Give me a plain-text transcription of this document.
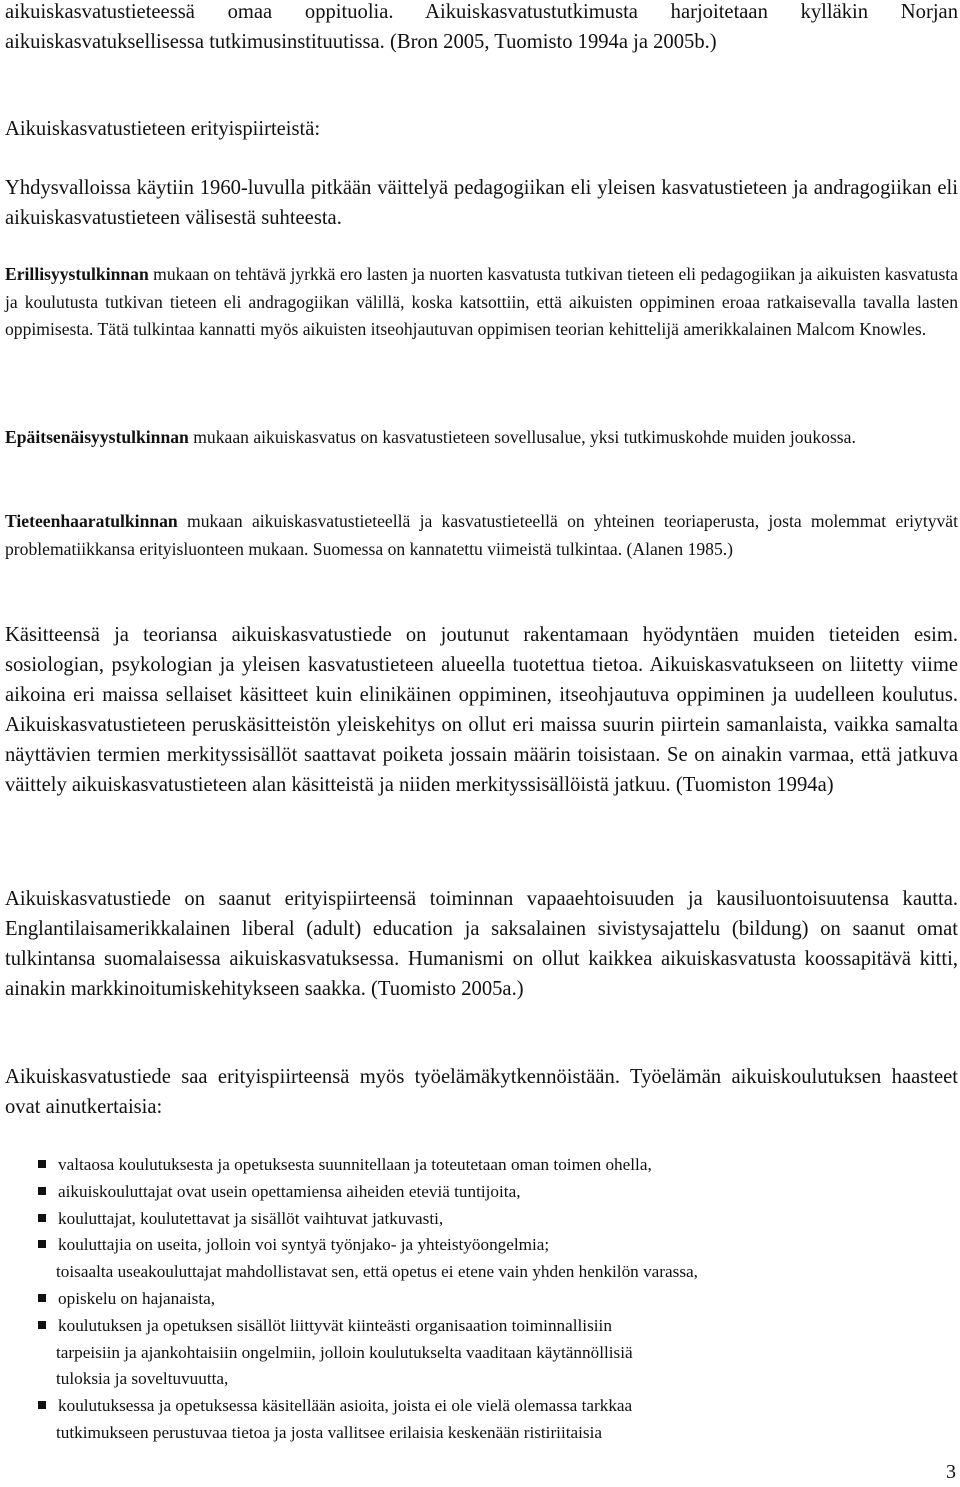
aikuiskasvatustieteessä omaa oppituolia. Aikuiskasvatustutkimusta harjoitetaan kylläkin Norjan aikuiskasvatuksellisessa tutkimusinstituutissa. (Bron 2005, Tuomisto 1994a ja 2005b.)

Aikuiskasvatustieteen erityispiirteistä:

Yhdysvalloissa käytiin 1960-luvulla pitkään väittelyä pedagogiikan eli yleisen kasvatustieteen ja andragogiikan eli aikuiskasvatustieteen välisestä suhteesta.

Erillisyystulkinnan mukaan on tehtävä jyrkkä ero lasten ja nuorten kasvatusta tutkivan tieteen eli pedagogiikan ja aikuisten kasvatusta ja koulutusta tutkivan tieteen eli andragogiikan välillä, koska katsottiin, että aikuisten oppiminen eroaa ratkaisevalla tavalla lasten oppimisesta. Tätä tulkintaa kannatti myös aikuisten itseohjautuvan oppimisen teorian kehittelijä amerikkalainen Malcom Knowles.

Epäitsenäisyystulkinnan mukaan aikuiskasvatus on kasvatustieteen sovellusalue, yksi tutkimuskohde muiden joukossa.

Tieteenhaaratulkinnan mukaan aikuiskasvatustieteellä ja kasvatustieteellä on yhteinen teoriaperusta, josta molemmat eriytyvät problematiikkansa erityisluonteen mukaan. Suomessa on kannatettu viimeistä tulkintaa. (Alanen 1985.)

Käsitteensä ja teoriansa aikuiskasvatustiede on joutunut rakentamaan hyödyntäen muiden tieteiden esim. sosiologian, psykologian ja yleisen kasvatustieteen alueella tuotettua tietoa. Aikuiskasvatukseen on liitetty viime aikoina eri maissa sellaiset käsitteet kuin elinikäinen oppiminen, itseohjautuva oppiminen ja uudelleen koulutus. Aikuiskasvatustieteen peruskäsitteistön yleiskehitys on ollut eri maissa suurin piirtein samanlaista, vaikka samalta näyttävien termien merkityssisällöt saattavat poiketa jossain määrin toisistaan. Se on ainakin varmaa, että jatkuva väittely aikuiskasvatustieteen alan käsitteistä ja niiden merkityssisällöistä jatkuu. (Tuomiston 1994a)

Aikuiskasvatustiede on saanut erityispiirteensä toiminnan vapaaehtoisuuden ja kausiluontoisuutensa kautta. Englantilaisamerikkalainen liberal (adult) education ja saksalainen sivistysajattelu (bildung) on saanut omat tulkintansa suomalaisessa aikuiskasvatuksessa. Humanismi on ollut kaikkea aikuiskasvatusta koossapitävä kitti, ainakin markkinoitumiskehitykseen saakka. (Tuomisto 2005a.)

Aikuiskasvatustiede saa erityispiirteensä myös työelämäkytkennöistään. Työelämän aikuiskoulutuksen haasteet ovat ainutkertaisia:

valtaosa koulutuksesta ja opetuksesta suunnitellaan ja toteutetaan oman toimen ohella,
aikuiskouluttajat ovat usein opettamiensa aiheiden eteviä tuntijoita,
kouluttajat, koulutettavat ja sisällöt vaihtuvat jatkuvasti,
kouluttajia on useita, jolloin voi syntyä työnjako- ja yhteistyöongelmia;
toisaalta useakouluttajat mahdollistavat sen, että opetus ei etene vain yhden henkilön varassa,
opiskelu on hajanaista,
koulutuksen ja opetuksen sisällöt liittyvät kiinteästi organisaation toiminnallisiin
tarpeisiin ja ajankohtaisiin ongelmiin, jolloin koulutukselta vaaditaan käytännöllisiä
tuloksia ja soveltuvuutta,
koulutuksessa ja opetuksessa käsitellään asioita, joista ei ole vielä olemassa tarkkaa
tutkimukseen perustuvaa tietoa ja josta vallitsee erilaisia keskenään ristiriitaisia
3
